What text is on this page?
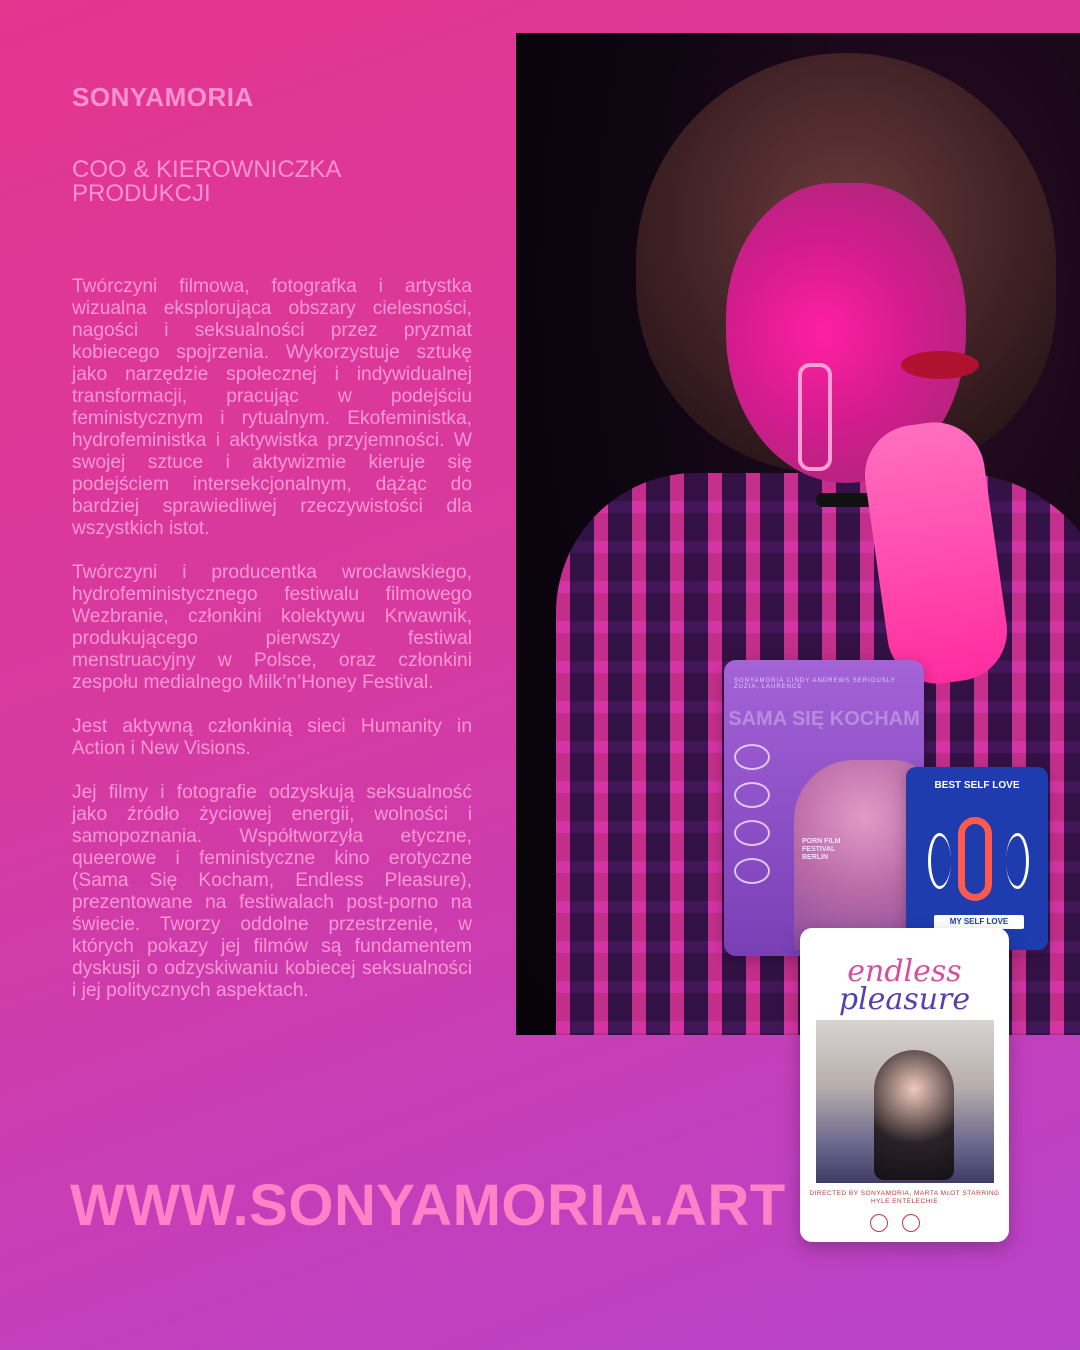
SONYAMORIA
COO & KIEROWNICZKA PRODUKCJI

Twórczyni filmowa, fotografka i artystka wizualna eksplorująca obszary cielesności, nagości i seksualności przez pryzmat kobiecego spojrzenia. Wykorzystuje sztukę jako narzędzie społecznej i indywidualnej transformacji, pracując w podejściu feministycznym i rytualnym. Ekofeministka, hydrofeministka i aktywistka przyjemności. W swojej sztuce i aktywizmie kieruje się podejściem intersekcjonalnym, dążąc do bardziej sprawiedliwej rzeczywistości dla wszystkich istot.

Twórczyni i producentka wrocławskiego, hydrofeministycznego festiwalu filmowego Wezbranie, członkini kolektywu Krwawnik, produkującego pierwszy festiwal menstruacyjny w Polsce, oraz członkini zespołu medialnego Milk’n’Honey Festival.

Jest aktywną członkinią sieci Humanity in Action i New Visions.

Jej filmy i fotografie odzyskują seksualność jako źródło życiowej energii, wolności i samopoznania. Współtworzyła etyczne, queerowe i feministyczne kino erotyczne (Sama Się Kocham, Endless Pleasure), prezentowane na festiwalach post-porno na świecie. Tworzy oddolne przestrzenie, w których pokazy jej filmów są fundamentem dyskusji o odzyskiwaniu kobiecej seksualności i jej politycznych aspektach.

SONYAMORIA CINDY ANDREWS SERIOUSLY ZUZIA, LAURENCE
SAMA SIĘ KOCHAM
PORN FILM FESTIVAL BERLIN
BEST SELF LOVE
MY SELF LOVE
endless
pleasure
DIRECTED BY SONYAMORIA, MARTA McOT STARRING HYLE ENTELECHIE

WWW.SONYAMORIA.ART
